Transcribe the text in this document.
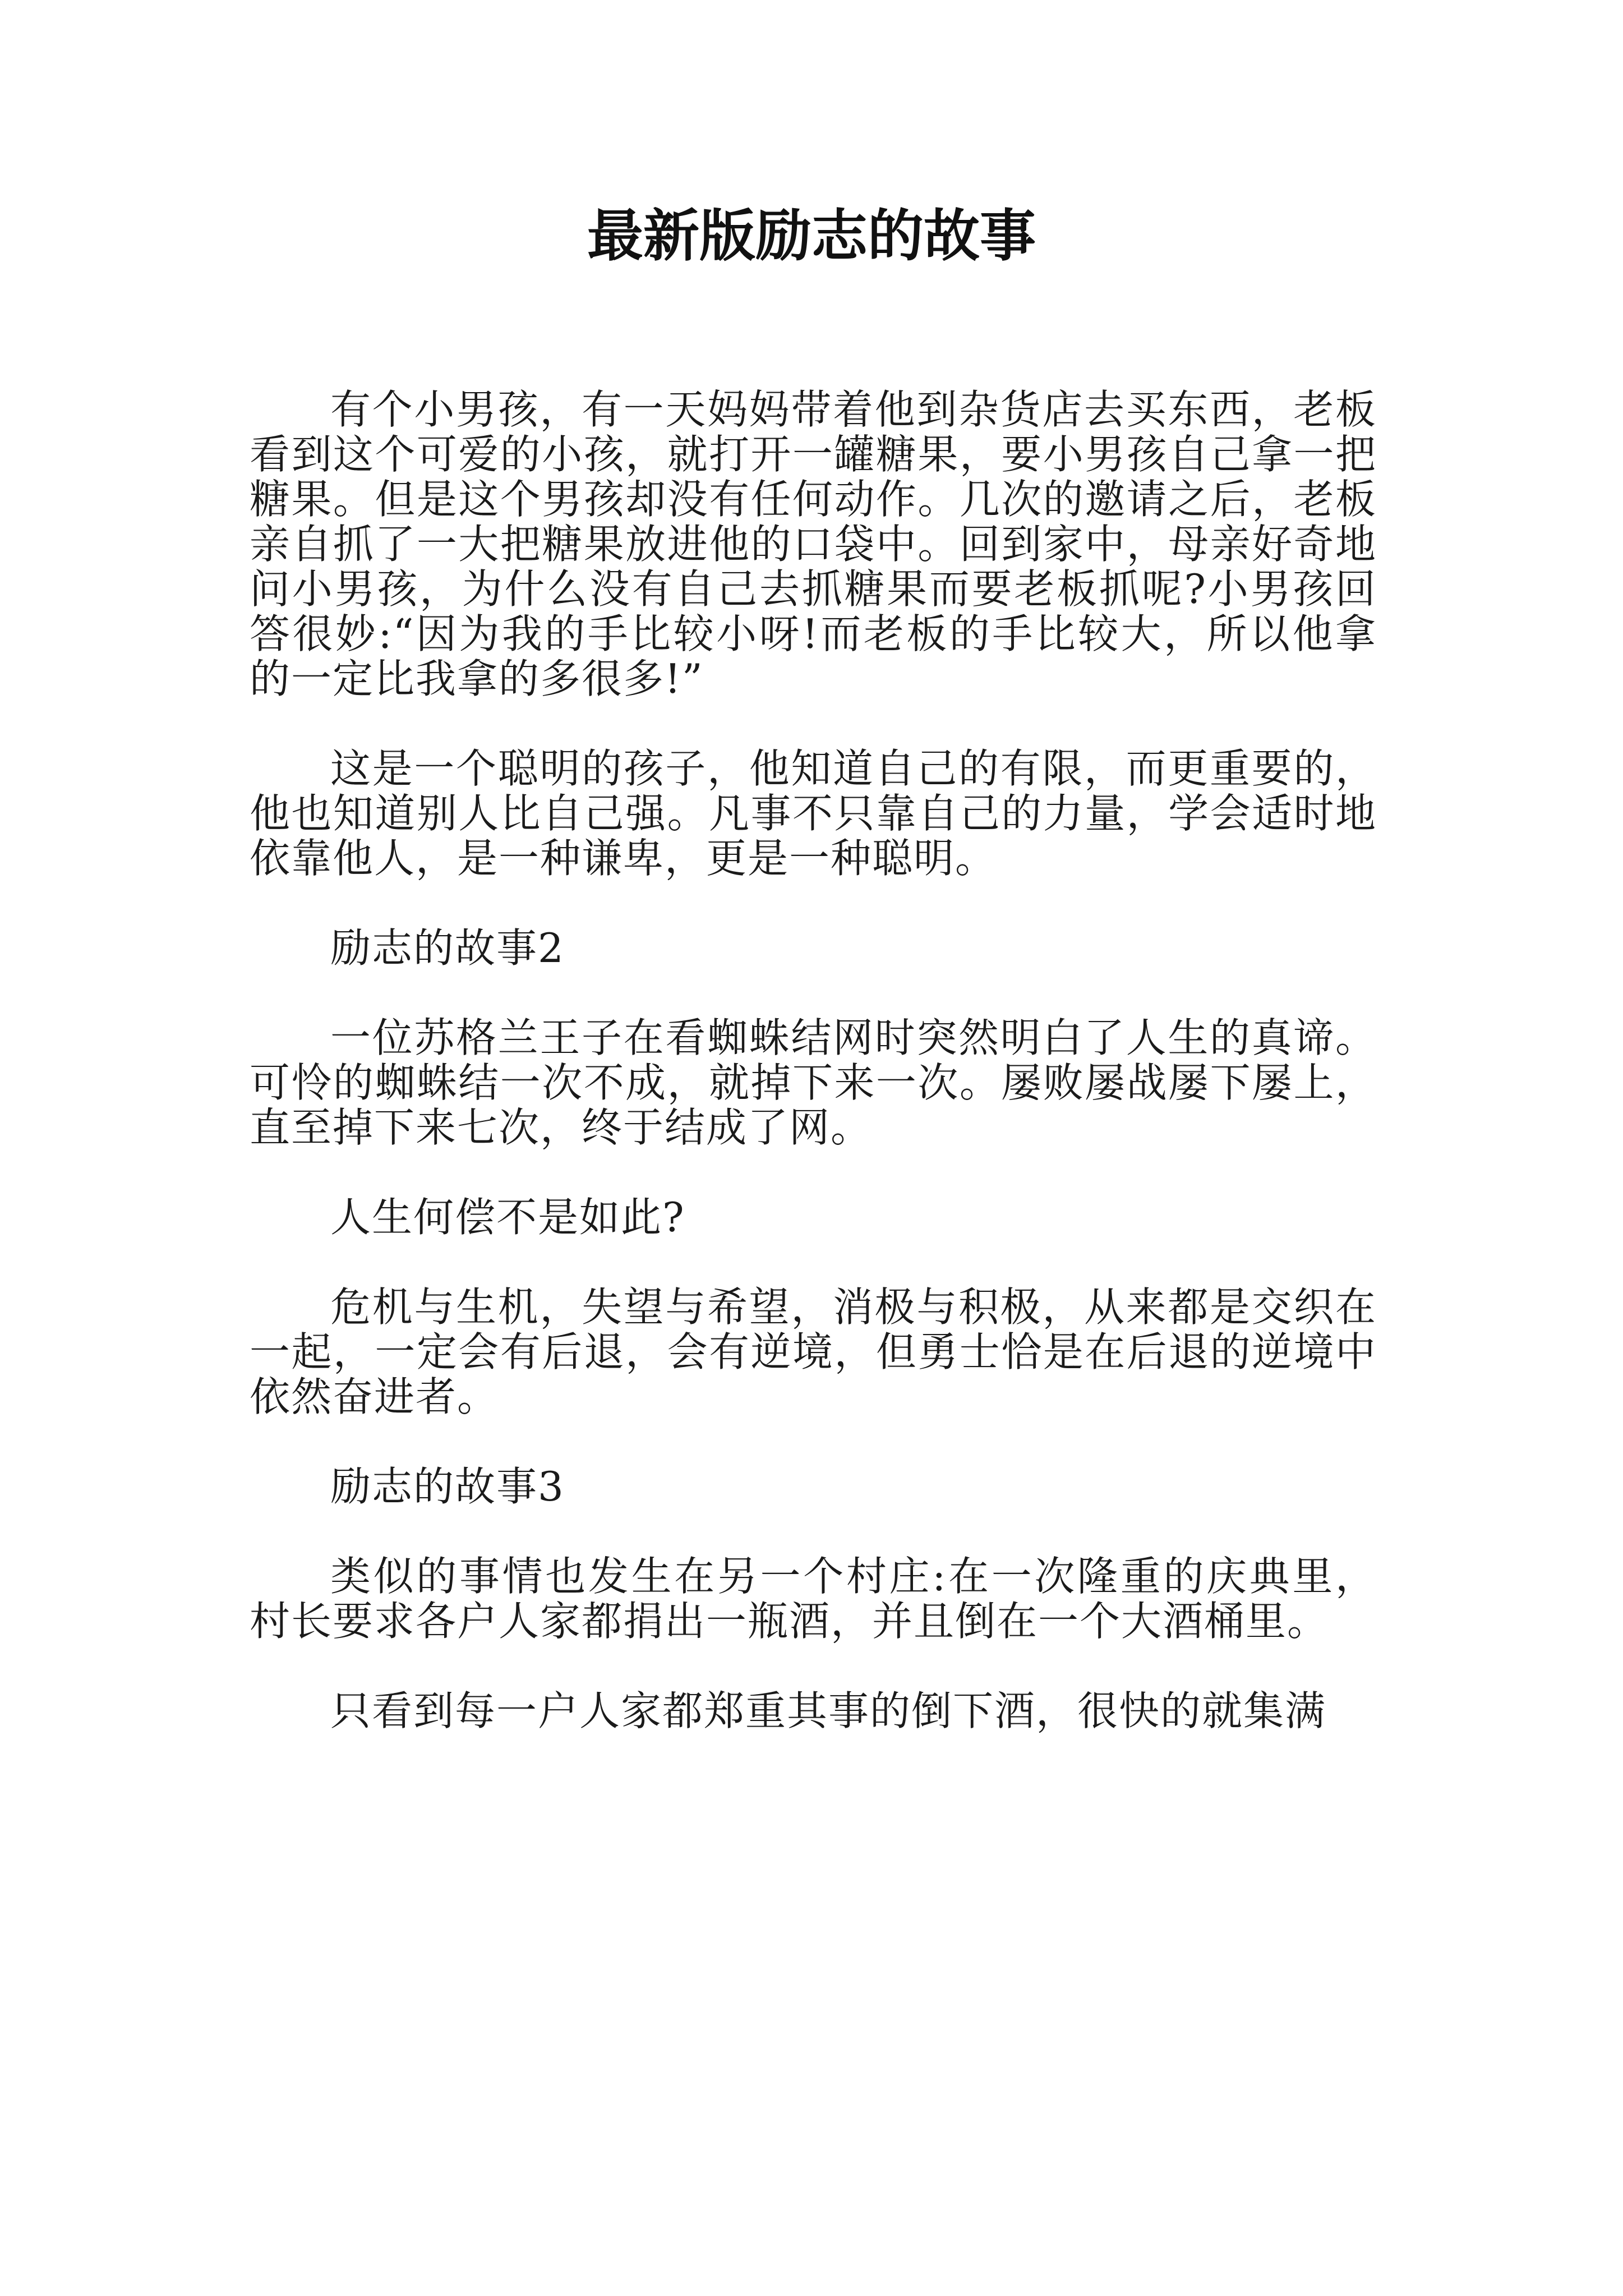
最新版励志的故事

有个小男孩，有一天妈妈带着他到杂货店去买东西，老板看到这个可爱的小孩，就打开一罐糖果，要小男孩自己拿一把糖果。但是这个男孩却没有任何动作。几次的邀请之后，老板亲自抓了一大把糖果放进他的口袋中。回到家中，母亲好奇地问小男孩，为什么没有自己去抓糖果而要老板抓呢?小男孩回答很妙:“因为我的手比较小呀!而老板的手比较大，所以他拿的一定比我拿的多很多!”

这是一个聪明的孩子，他知道自己的有限，而更重要的，他也知道别人比自己强。凡事不只靠自己的力量，学会适时地依靠他人，是一种谦卑，更是一种聪明。

励志的故事2

一位苏格兰王子在看蜘蛛结网时突然明白了人生的真谛。可怜的蜘蛛结一次不成，就掉下来一次。屡败屡战屡下屡上，直至掉下来七次，终于结成了网。

人生何偿不是如此?

危机与生机，失望与希望，消极与积极，从来都是交织在一起，一定会有后退，会有逆境，但勇士恰是在后退的逆境中依然奋进者。

励志的故事3

类似的事情也发生在另一个村庄:在一次隆重的庆典里，村长要求各户人家都捐出一瓶酒，并且倒在一个大酒桶里。

只看到每一户人家都郑重其事的倒下酒，很快的就集满
